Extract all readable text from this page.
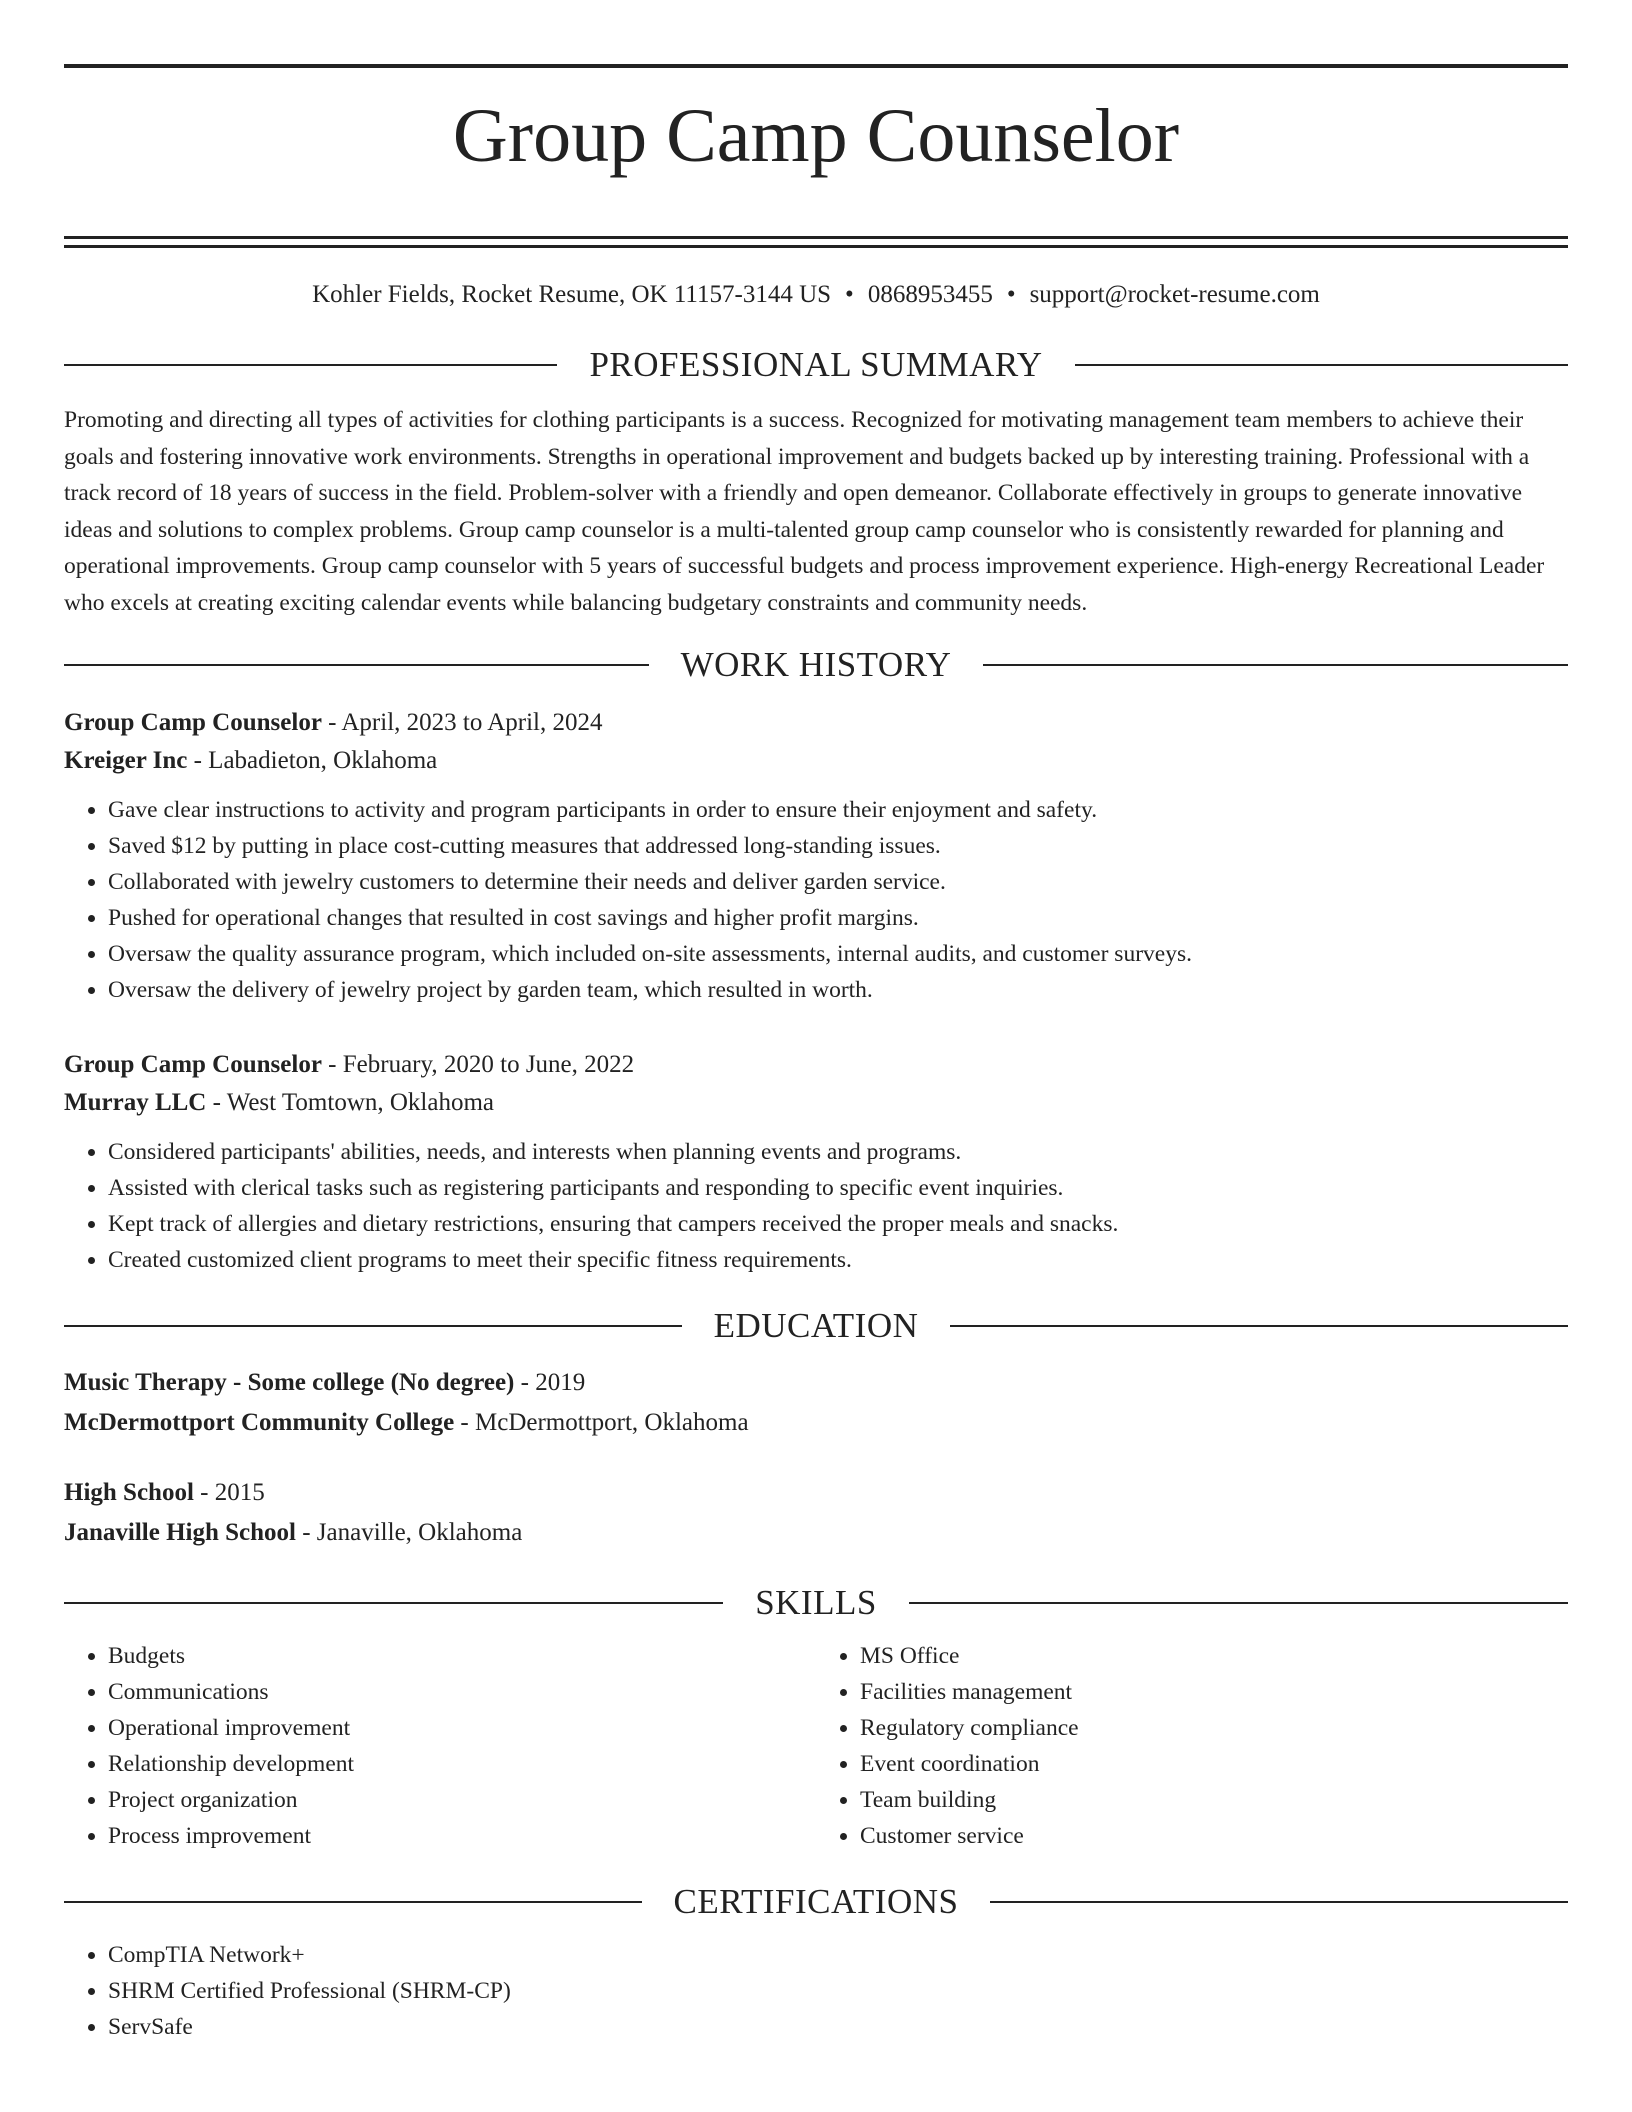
Group Camp Counselor
Kohler Fields, Rocket Resume, OK 11157-3144 US • 0868953455 • support@rocket-resume.com
PROFESSIONAL SUMMARY
Promoting and directing all types of activities for clothing participants is a success. Recognized for motivating management team members to achieve their goals and fostering innovative work environments. Strengths in operational improvement and budgets backed up by interesting training. Professional with a track record of 18 years of success in the field. Problem-solver with a friendly and open demeanor. Collaborate effectively in groups to generate innovative ideas and solutions to complex problems. Group camp counselor is a multi-talented group camp counselor who is consistently rewarded for planning and operational improvements. Group camp counselor with 5 years of successful budgets and process improvement experience. High-energy Recreational Leader who excels at creating exciting calendar events while balancing budgetary constraints and community needs.
WORK HISTORY
Group Camp Counselor - April, 2023 to April, 2024
Kreiger Inc - Labadieton, Oklahoma
• Gave clear instructions to activity and program participants in order to ensure their enjoyment and safety.
• Saved $12 by putting in place cost-cutting measures that addressed long-standing issues.
• Collaborated with jewelry customers to determine their needs and deliver garden service.
• Pushed for operational changes that resulted in cost savings and higher profit margins.
• Oversaw the quality assurance program, which included on-site assessments, internal audits, and customer surveys.
• Oversaw the delivery of jewelry project by garden team, which resulted in worth.
Group Camp Counselor - February, 2020 to June, 2022
Murray LLC - West Tomtown, Oklahoma
• Considered participants' abilities, needs, and interests when planning events and programs.
• Assisted with clerical tasks such as registering participants and responding to specific event inquiries.
• Kept track of allergies and dietary restrictions, ensuring that campers received the proper meals and snacks.
• Created customized client programs to meet their specific fitness requirements.
EDUCATION
Music Therapy - Some college (No degree) - 2019
McDermottport Community College - McDermottport, Oklahoma
High School - 2015
Janaville High School - Janaville, Oklahoma
SKILLS
• Budgets
• Communications
• Operational improvement
• Relationship development
• Project organization
• Process improvement
• MS Office
• Facilities management
• Regulatory compliance
• Event coordination
• Team building
• Customer service
CERTIFICATIONS
• CompTIA Network+
• SHRM Certified Professional (SHRM-CP)
• ServSafe
